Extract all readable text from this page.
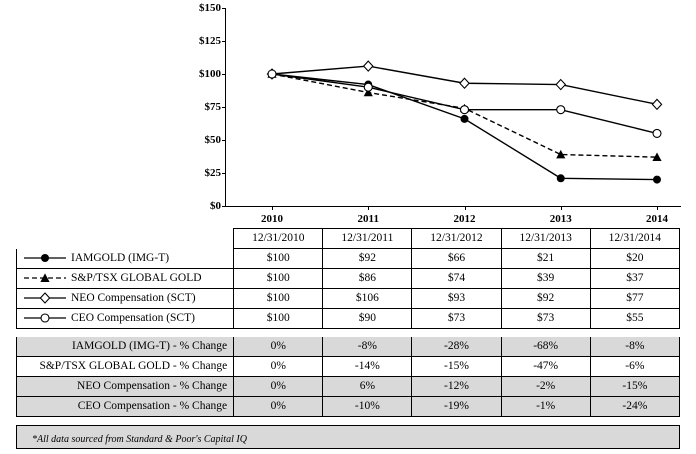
$0
$25
$50
$75
$100
$125
$150
2010	2011	2012	2013	2014
	12/31/2010	12/31/2011	12/31/2012	12/31/2013	12/31/2014

IAMGOLD (IMG-T)	$100	$92	$66	$21	$20

S&P/TSX GLOBAL GOLD	$100	$86	$74	$39	$37

NEO Compensation (SCT)	$100	$106	$93	$92	$77

CEO Compensation (SCT)	$100	$90	$73	$73	$55

IAMGOLD (IMG-T) - % Change	0%	-8%	-28%	-68%	-8%
S&P/TSX GLOBAL GOLD - % Change	0%	-14%	-15%	-47%	-6%
NEO Compensation - % Change	0%	6%	-12%	-2%	-15%
CEO Compensation - % Change	0%	-10%	-19%	-1%	-24%

*All data sourced from Standard & Poor's Capital IQ
